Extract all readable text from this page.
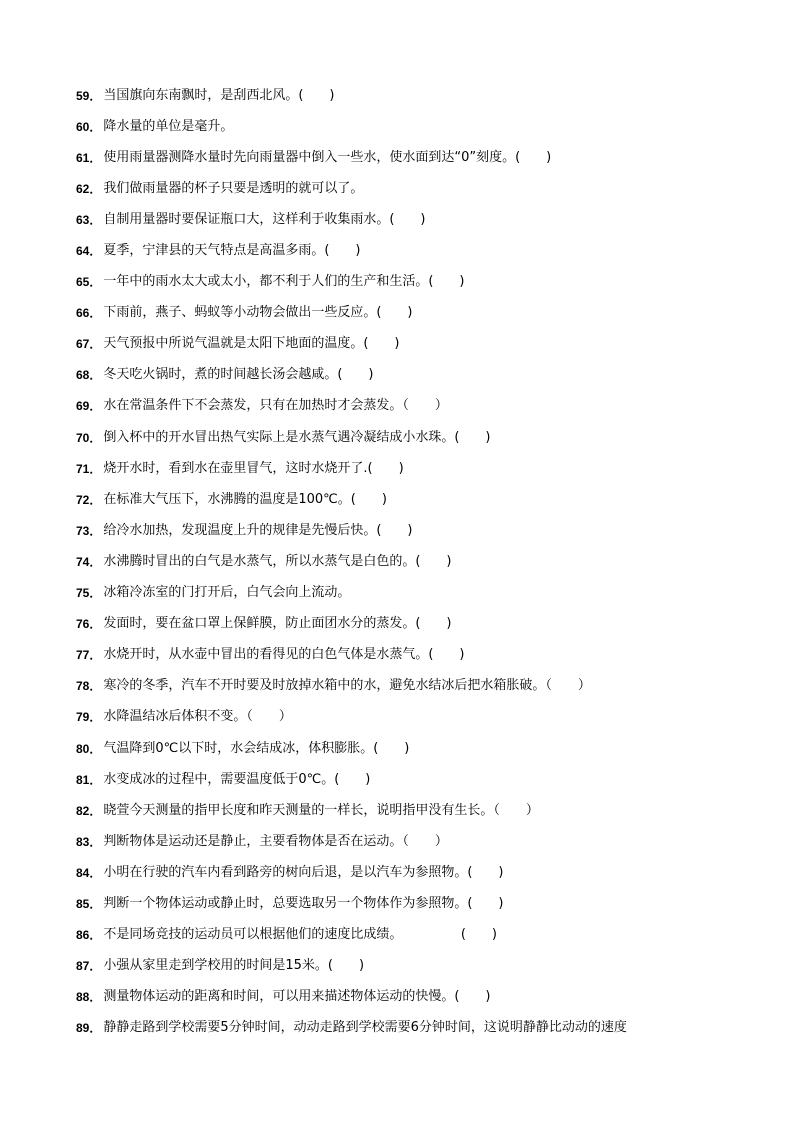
59． 当国旗向东南飘时，是刮西北风。(　　)
60． 降水量的单位是毫升。
61． 使用雨量器测降水量时先向雨量器中倒入一些水，使水面到达“0”刻度。(　　)
62． 我们做雨量器的杯子只要是透明的就可以了。
63． 自制用量器时要保证瓶口大，这样利于收集雨水。(　　)
64． 夏季，宁津县的天气特点是高温多雨。(　　)
65． 一年中的雨水太大或太小，都不利于人们的生产和生活。(　　)
66． 下雨前，燕子、蚂蚁等小动物会做出一些反应。(　　)
67． 天气预报中所说气温就是太阳下地面的温度。(　　)
68． 冬天吃火锅时，煮的时间越长汤会越咸。(　　)
69． 水在常温条件下不会蒸发，只有在加热时才会蒸发。（　　）
70． 倒入杯中的开水冒出热气实际上是水蒸气遇冷凝结成小水珠。(　　)
71． 烧开水时，看到水在壶里冒气，这时水烧开了.(　　)
72． 在标准大气压下，水沸腾的温度是100℃。(　　)
73． 给冷水加热，发现温度上升的规律是先慢后快。(　　)
74． 水沸腾时冒出的白气是水蒸气，所以水蒸气是白色的。(　　)
75． 冰箱冷冻室的门打开后，白气会向上流动。
76． 发面时，要在盆口罩上保鲜膜，防止面团水分的蒸发。(　　)
77． 水烧开时，从水壶中冒出的看得见的白色气体是水蒸气。(　　)
78． 寒冷的冬季，汽车不开时要及时放掉水箱中的水，避免水结冰后把水箱胀破。（　　）
79． 水降温结冰后体积不变。（　　）
80． 气温降到0℃以下时，水会结成冰，体积膨胀。(　　)
81． 水变成冰的过程中，需要温度低于0℃。(　　)
82． 晓萱今天测量的指甲长度和昨天测量的一样长，说明指甲没有生长。（　　）
83． 判断物体是运动还是静止，主要看物体是否在运动。（　　）
84． 小明在行驶的汽车内看到路旁的树向后退，是以汽车为参照物。(　　)
85． 判断一个物体运动或静止时，总要选取另一个物体作为参照物。(　　)
86． 不是同场竞技的运动员可以根据他们的速度比成绩。　　　　　(　　)
87． 小强从家里走到学校用的时间是15米。(　　)
88． 测量物体运动的距离和时间，可以用来描述物体运动的快慢。(　　)
89． 静静走路到学校需要5分钟时间，动动走路到学校需要6分钟时间，这说明静静比动动的速度
